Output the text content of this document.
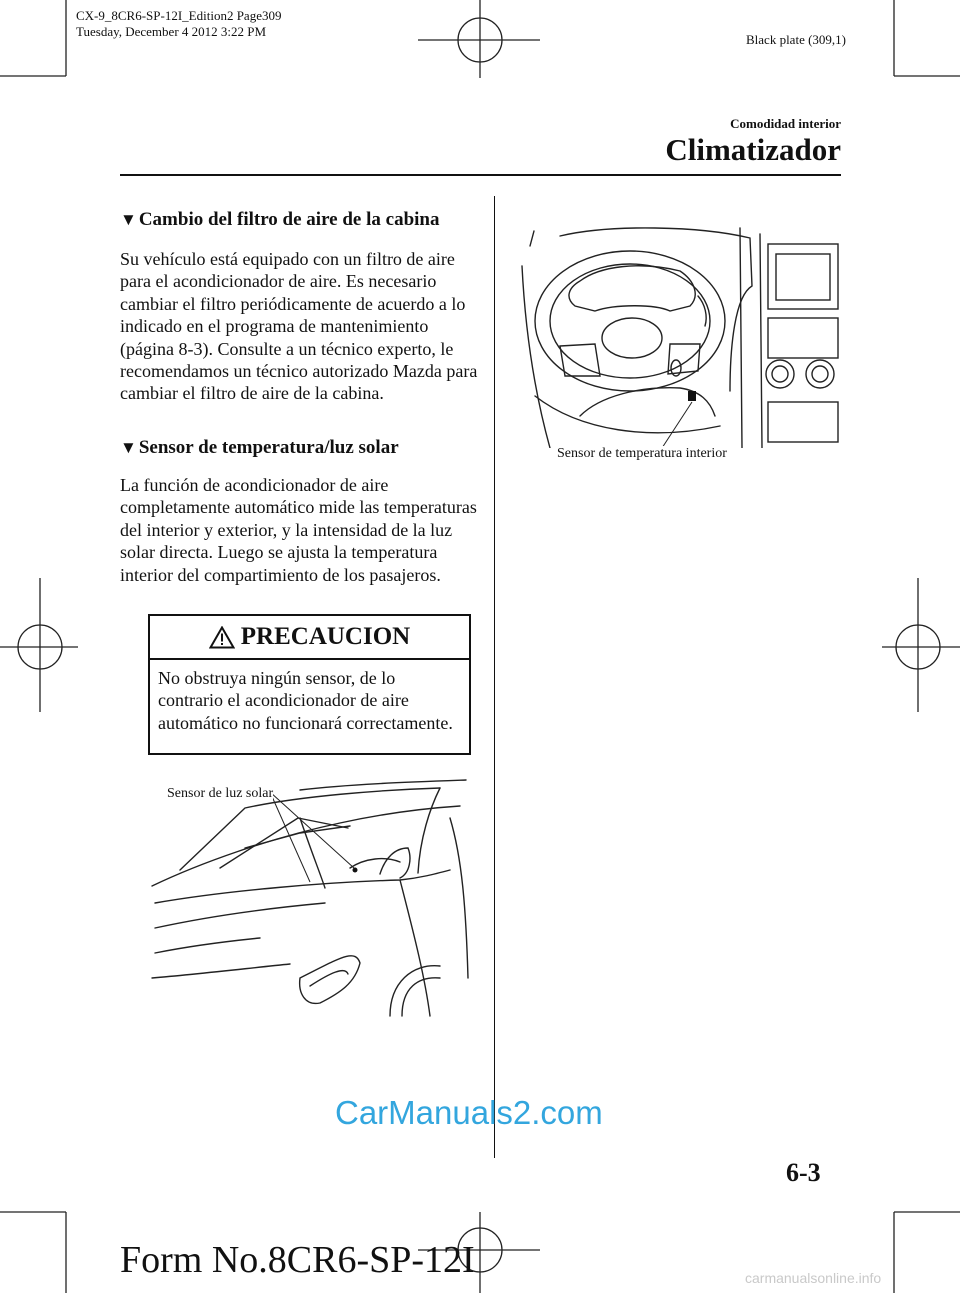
CX-9_8CR6-SP-12I_Edition2 Page309
Tuesday, December 4 2012 3:22 PM
Black plate (309,1)
Comodidad interior
Climatizador
▼ Cambio del filtro de aire de la cabina
Su vehículo está equipado con un filtro de aire para el acondicionador de aire. Es necesario cambiar el filtro periódicamente de acuerdo a lo indicado en el programa de mantenimiento (página 8-3). Consulte a un técnico experto, le recomendamos un técnico autorizado Mazda para cambiar el filtro de aire de la cabina.
▼ Sensor de temperatura/luz solar
La función de acondicionador de aire completamente automático mide las temperaturas del interior y exterior, y la intensidad de la luz solar directa. Luego se ajusta la temperatura interior del compartimiento de los pasajeros.
PRECAUCION
No obstruya ningún sensor, de lo contrario el acondicionador de aire automático no funcionará correctamente.
Sensor de luz solar
Sensor de temperatura interior
6-3
Form No.8CR6-SP-12I
CarManuals2.com
carmanualsonline.info
